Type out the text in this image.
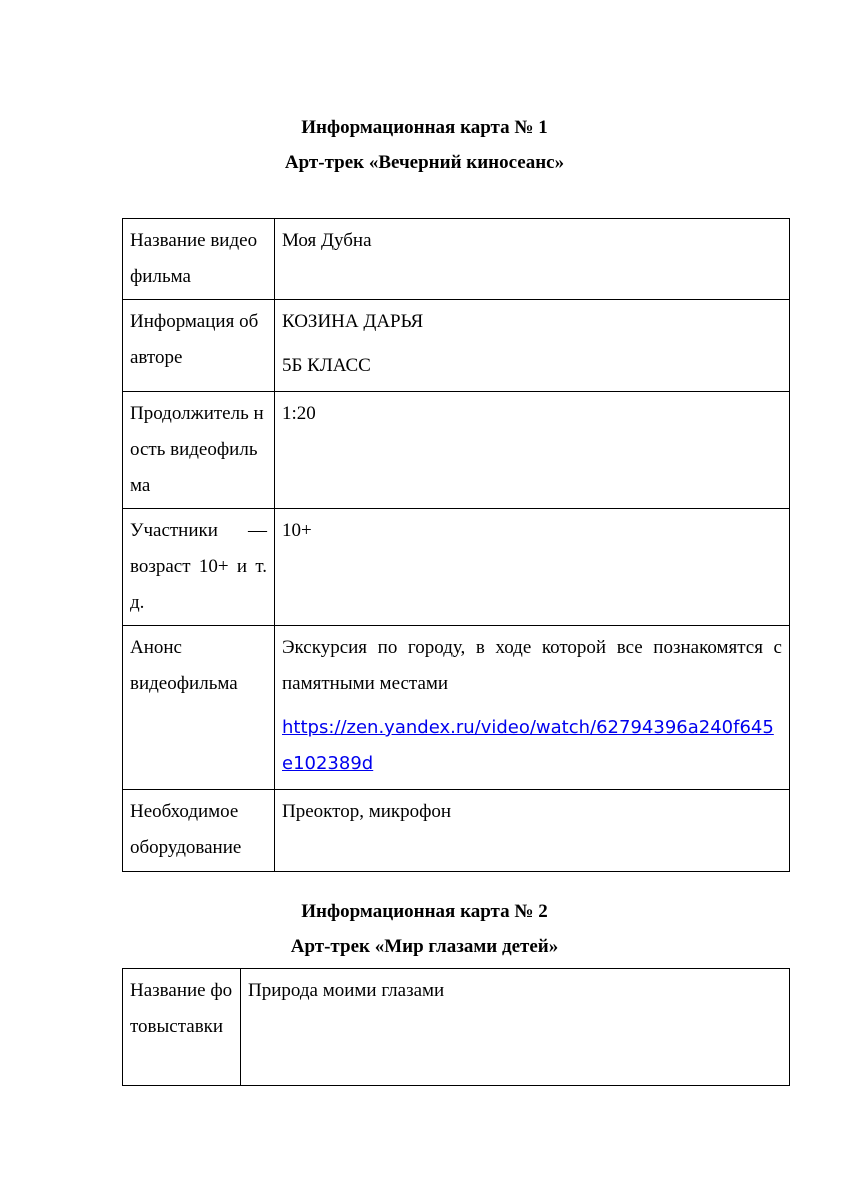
Информационная карта № 1
Арт-трек «Вечерний киносеанс»
Название видеофильма	Моя Дубна
Информация об авторе	КОЗИНА ДАРЬЯ
5Б КЛАСС

Продолжитель ность видеофильма	1:20
Участники — возраст 10+ и т. д.	10+
Анонс видеофильма	Экскурсия по городу, в ходе которой все познакомятся с памятными местами
https://zen.yandex.ru/video/watch/62794396a240f645e102389d

Необходимое оборудование	Преоктор, микрофон
Информационная карта № 2
Арт-трек «Мир глазами детей»
Название фотовыставки	Природа моими глазами
